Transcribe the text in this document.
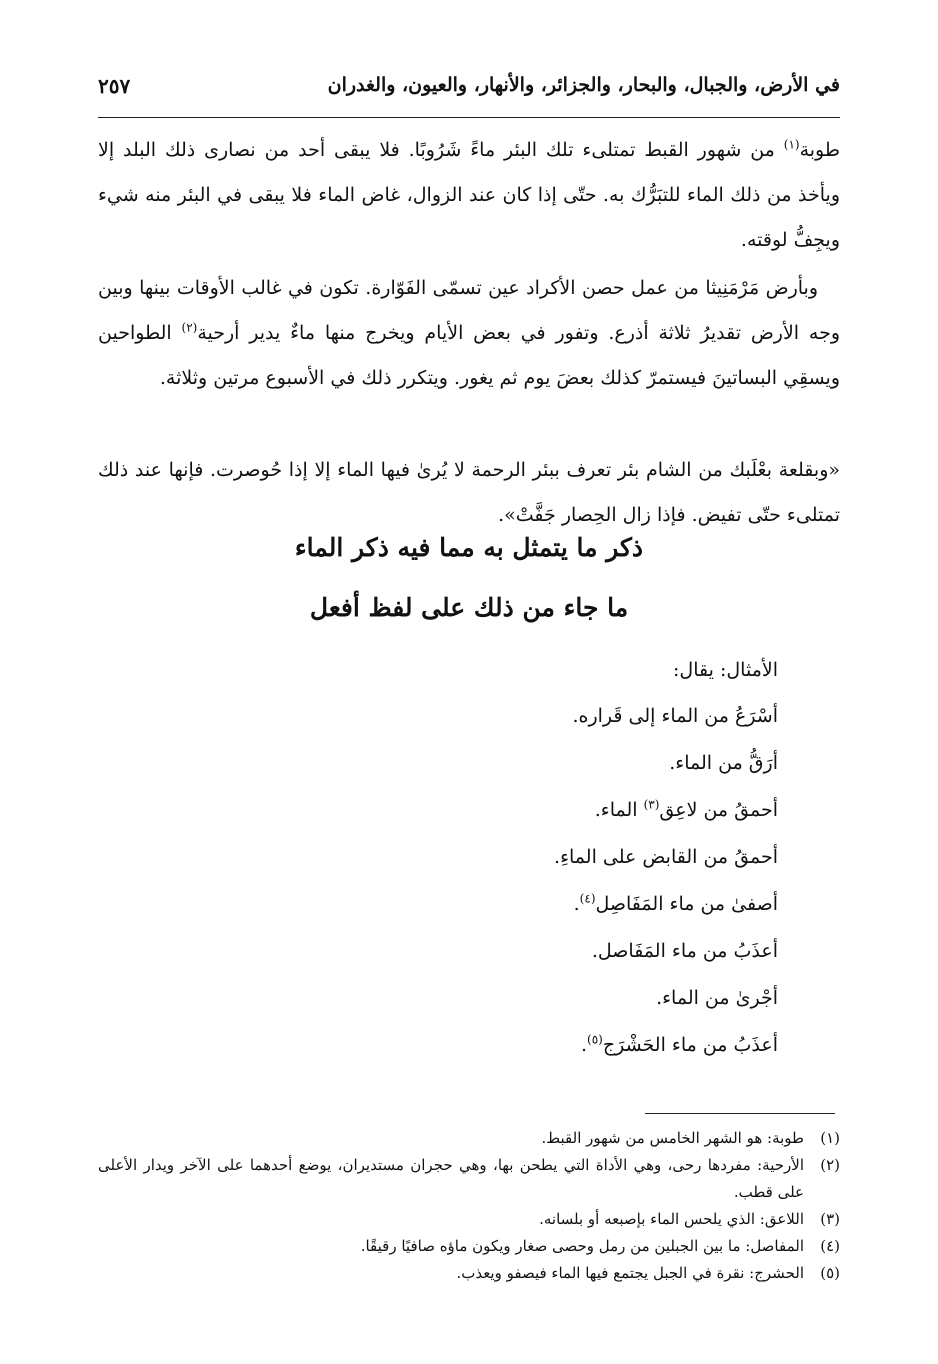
في الأرض، والجبال، والبحار، والجزائر، والأنهار، والعيون، والغدران
٢٥٧

طوبة$^{(١)}$ من شهور القبط تمتلىء تلك البئر ماءً شَرُوبًا. فلا يبقى أحد من نصارى ذلك البلد إلا ويأخذ من ذلك الماء للتبَرُّك به. حتّى إذا كان عند الزوال، غاض الماء فلا يبقى في البئر منه شيء ويجِفُّ لوقته.

وبأرض مَرْمَنِيثا من عمل حصن الأكراد عين تسمّى الفَوّارة. تكون في غالب الأوقات بينها وبين وجه الأرض تقديرُ ثلاثة أذرع. وتفور في بعض الأيام ويخرج منها ماءٌ يدير أرحية$^{(٢)}$ الطواحين ويسقِي البساتينَ فيستمرّ كذلك بعضَ يوم ثم يغور. ويتكرر ذلك في الأسبوع مرتين وثلاثة.

«وبقلعة بعْلَبك من الشام بئر تعرف ببئر الرحمة لا يُرىٰ فيها الماء إلا إذا حُوصرت. فإنها عند ذلك تمتلىء حتّى تفيض. فإذا زال الحِصار جَفَّتْ».

ذكر ما يتمثل به مما فيه ذكر الماء
ما جاء من ذلك على لفظ أفعل
الأمثال: يقال:
أسْرَعُ من الماء إلى قَراره.
أرَقُّ من الماء.
أحمقُ من لاعِق$^{(٣)}$ الماء.
أحمقُ من القابض على الماءِ.
أصفىٰ من ماء المَفَاصِل$^{(٤)}$.
أعذَبُ من ماء المَفَاصل.
أجْرىٰ من الماء.
أعذَبُ من ماء الحَشْرَج$^{(٥)}$.
(١)
طوبة: هو الشهر الخامس من شهور القبط.
(٢)
الأرحية: مفردها رحى، وهي الأداة التي يطحن بها، وهي حجران مستديران، يوضع أحدهما على الآخر ويدار الأعلى على قطب.
(٣)
اللاعق: الذي يلحس الماء بإصبعه أو بلسانه.
(٤)
المفاصل: ما بين الجبلين من رمل وحصى صغار ويكون ماؤه صافيًا رقيقًا.
(٥)
الحشرج: نقرة في الجبل يجتمع فيها الماء فيصفو ويعذب.
